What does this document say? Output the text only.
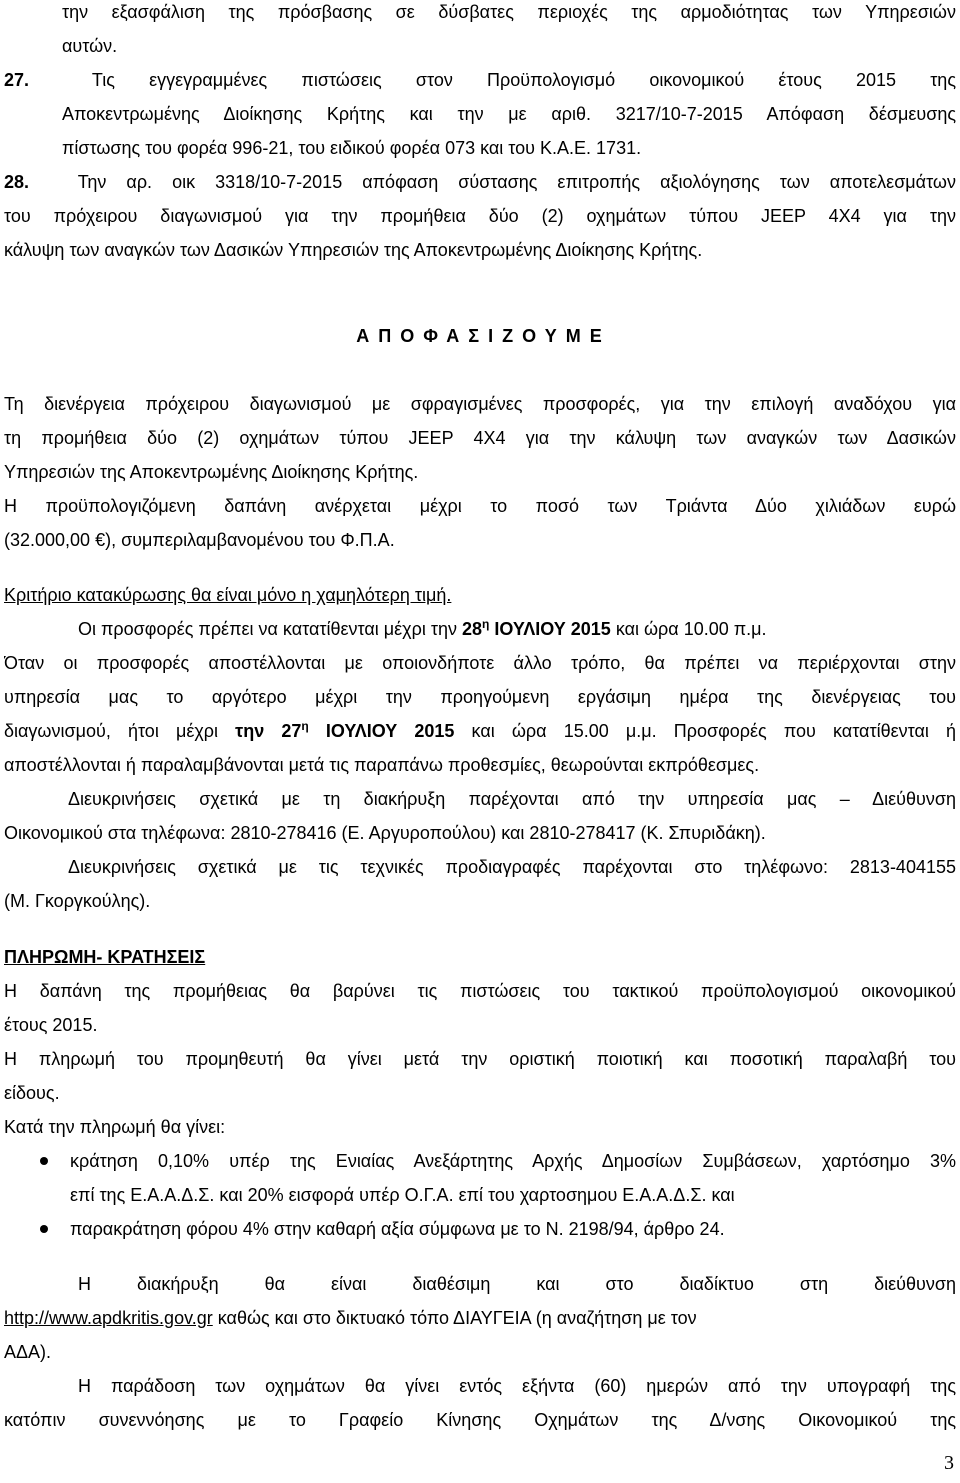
την εξασφάλιση της πρόσβασης σε δύσβατες περιοχές της αρμοδιότητας των Υπηρεσιών
αυτών.
27.	Τις εγγεγραμμένες πιστώσεις στον Προϋπολογισμό οικονομικού έτους 2015 της
Αποκεντρωμένης Διοίκησης Κρήτης και την με αριθ. 3217/10-7-2015 Απόφαση δέσμευσης
πίστωσης του φορέα 996-21, του ειδικού φορέα 073 και του Κ.Α.Ε. 1731.
28.	Την αρ. οικ 3318/10-7-2015 απόφαση σύστασης επιτροπής αξιολόγησης των αποτελεσμάτων
του πρόχειρου διαγωνισμού για την προμήθεια δύο (2) οχημάτων τύπου JEEP 4X4 για την
κάλυψη των αναγκών των Δασικών Υπηρεσιών της Αποκεντρωμένης Διοίκησης Κρήτης.
Α Π Ο Φ Α Σ Ι Ζ Ο Υ Μ Ε
Τη διενέργεια πρόχειρου διαγωνισμού με σφραγισμένες προσφορές, για την επιλογή αναδόχου για
τη προμήθεια δύο (2) οχημάτων τύπου JEEP 4X4 για την κάλυψη των αναγκών των Δασικών
Υπηρεσιών της Αποκεντρωμένης Διοίκησης Κρήτης.
Η προϋπολογιζόμενη δαπάνη ανέρχεται μέχρι το ποσό των Τριάντα Δύο χιλιάδων ευρώ
(32.000,00 €), συμπεριλαμβανομένου του Φ.Π.Α.
Κριτήριο κατακύρωσης θα είναι μόνο η χαμηλότερη τιμή.
Οι προσφορές πρέπει να κατατίθενται μέχρι την $28^\eta$ ΙΟΥΛΙΟΥ 2015 και ώρα 10.00 π.μ.
Όταν οι προσφορές αποστέλλονται με οποιονδήποτε άλλο τρόπο, θα πρέπει να περιέρχονται στην
υπηρεσία μας το αργότερο μέχρι την προηγούμενη εργάσιμη ημέρα της διενέργειας του
διαγωνισμού, ήτοι μέχρι την $27^\eta$ ΙΟΥΛΙΟΥ 2015 και ώρα 15.00 μ.μ. Προσφορές που κατατίθενται ή
αποστέλλονται ή παραλαμβάνονται μετά τις παραπάνω προθεσμίες, θεωρούνται εκπρόθεσμες.
Διευκρινήσεις σχετικά με τη διακήρυξη παρέχονται από την υπηρεσία μας – Διεύθυνση
Οικονομικού στα τηλέφωνα: 2810-278416 (Ε. Αργυροπούλου) και 2810-278417 (Κ. Σπυριδάκη).
Διευκρινήσεις σχετικά με τις τεχνικές προδιαγραφές παρέχονται στο τηλέφωνο: 2813-404155
(Μ. Γκοργκούλης).
ΠΛΗΡΩΜΗ- ΚΡΑΤΗΣΕΙΣ
Η δαπάνη της προμήθειας θα βαρύνει τις πιστώσεις του τακτικού προϋπολογισμού οικονομικού
έτους 2015.
Η πληρωμή του προμηθευτή θα γίνει μετά την οριστική ποιοτική και ποσοτική παραλαβή του
είδους.
Κατά την πληρωμή θα γίνει:
κράτηση 0,10% υπέρ της Ενιαίας Ανεξάρτητης Αρχής Δημοσίων Συμβάσεων, χαρτόσημο 3%
επί της Ε.Α.Α.Δ.Σ. και 20% εισφορά υπέρ Ο.Γ.Α. επί του χαρτοσημου Ε.Α.Α.Δ.Σ. και
παρακράτηση φόρου 4% στην καθαρή αξία σύμφωνα με το Ν. 2198/94, άρθρο 24.
Η διακήρυξη θα είναι διαθέσιμη και στο διαδίκτυο στη διεύθυνση
http://www.apdkritis.gov.gr καθώς και στο δικτυακό τόπο ΔΙΑΥΓΕΙΑ (η αναζήτηση με τον
ΑΔΑ).
Η παράδοση των οχημάτων θα γίνει εντός εξήντα (60) ημερών από την υπογραφή της
κατόπιν συνεννόησης με το Γραφείο Κίνησης Οχημάτων της Δ/νσης Οικονομικού της
3
